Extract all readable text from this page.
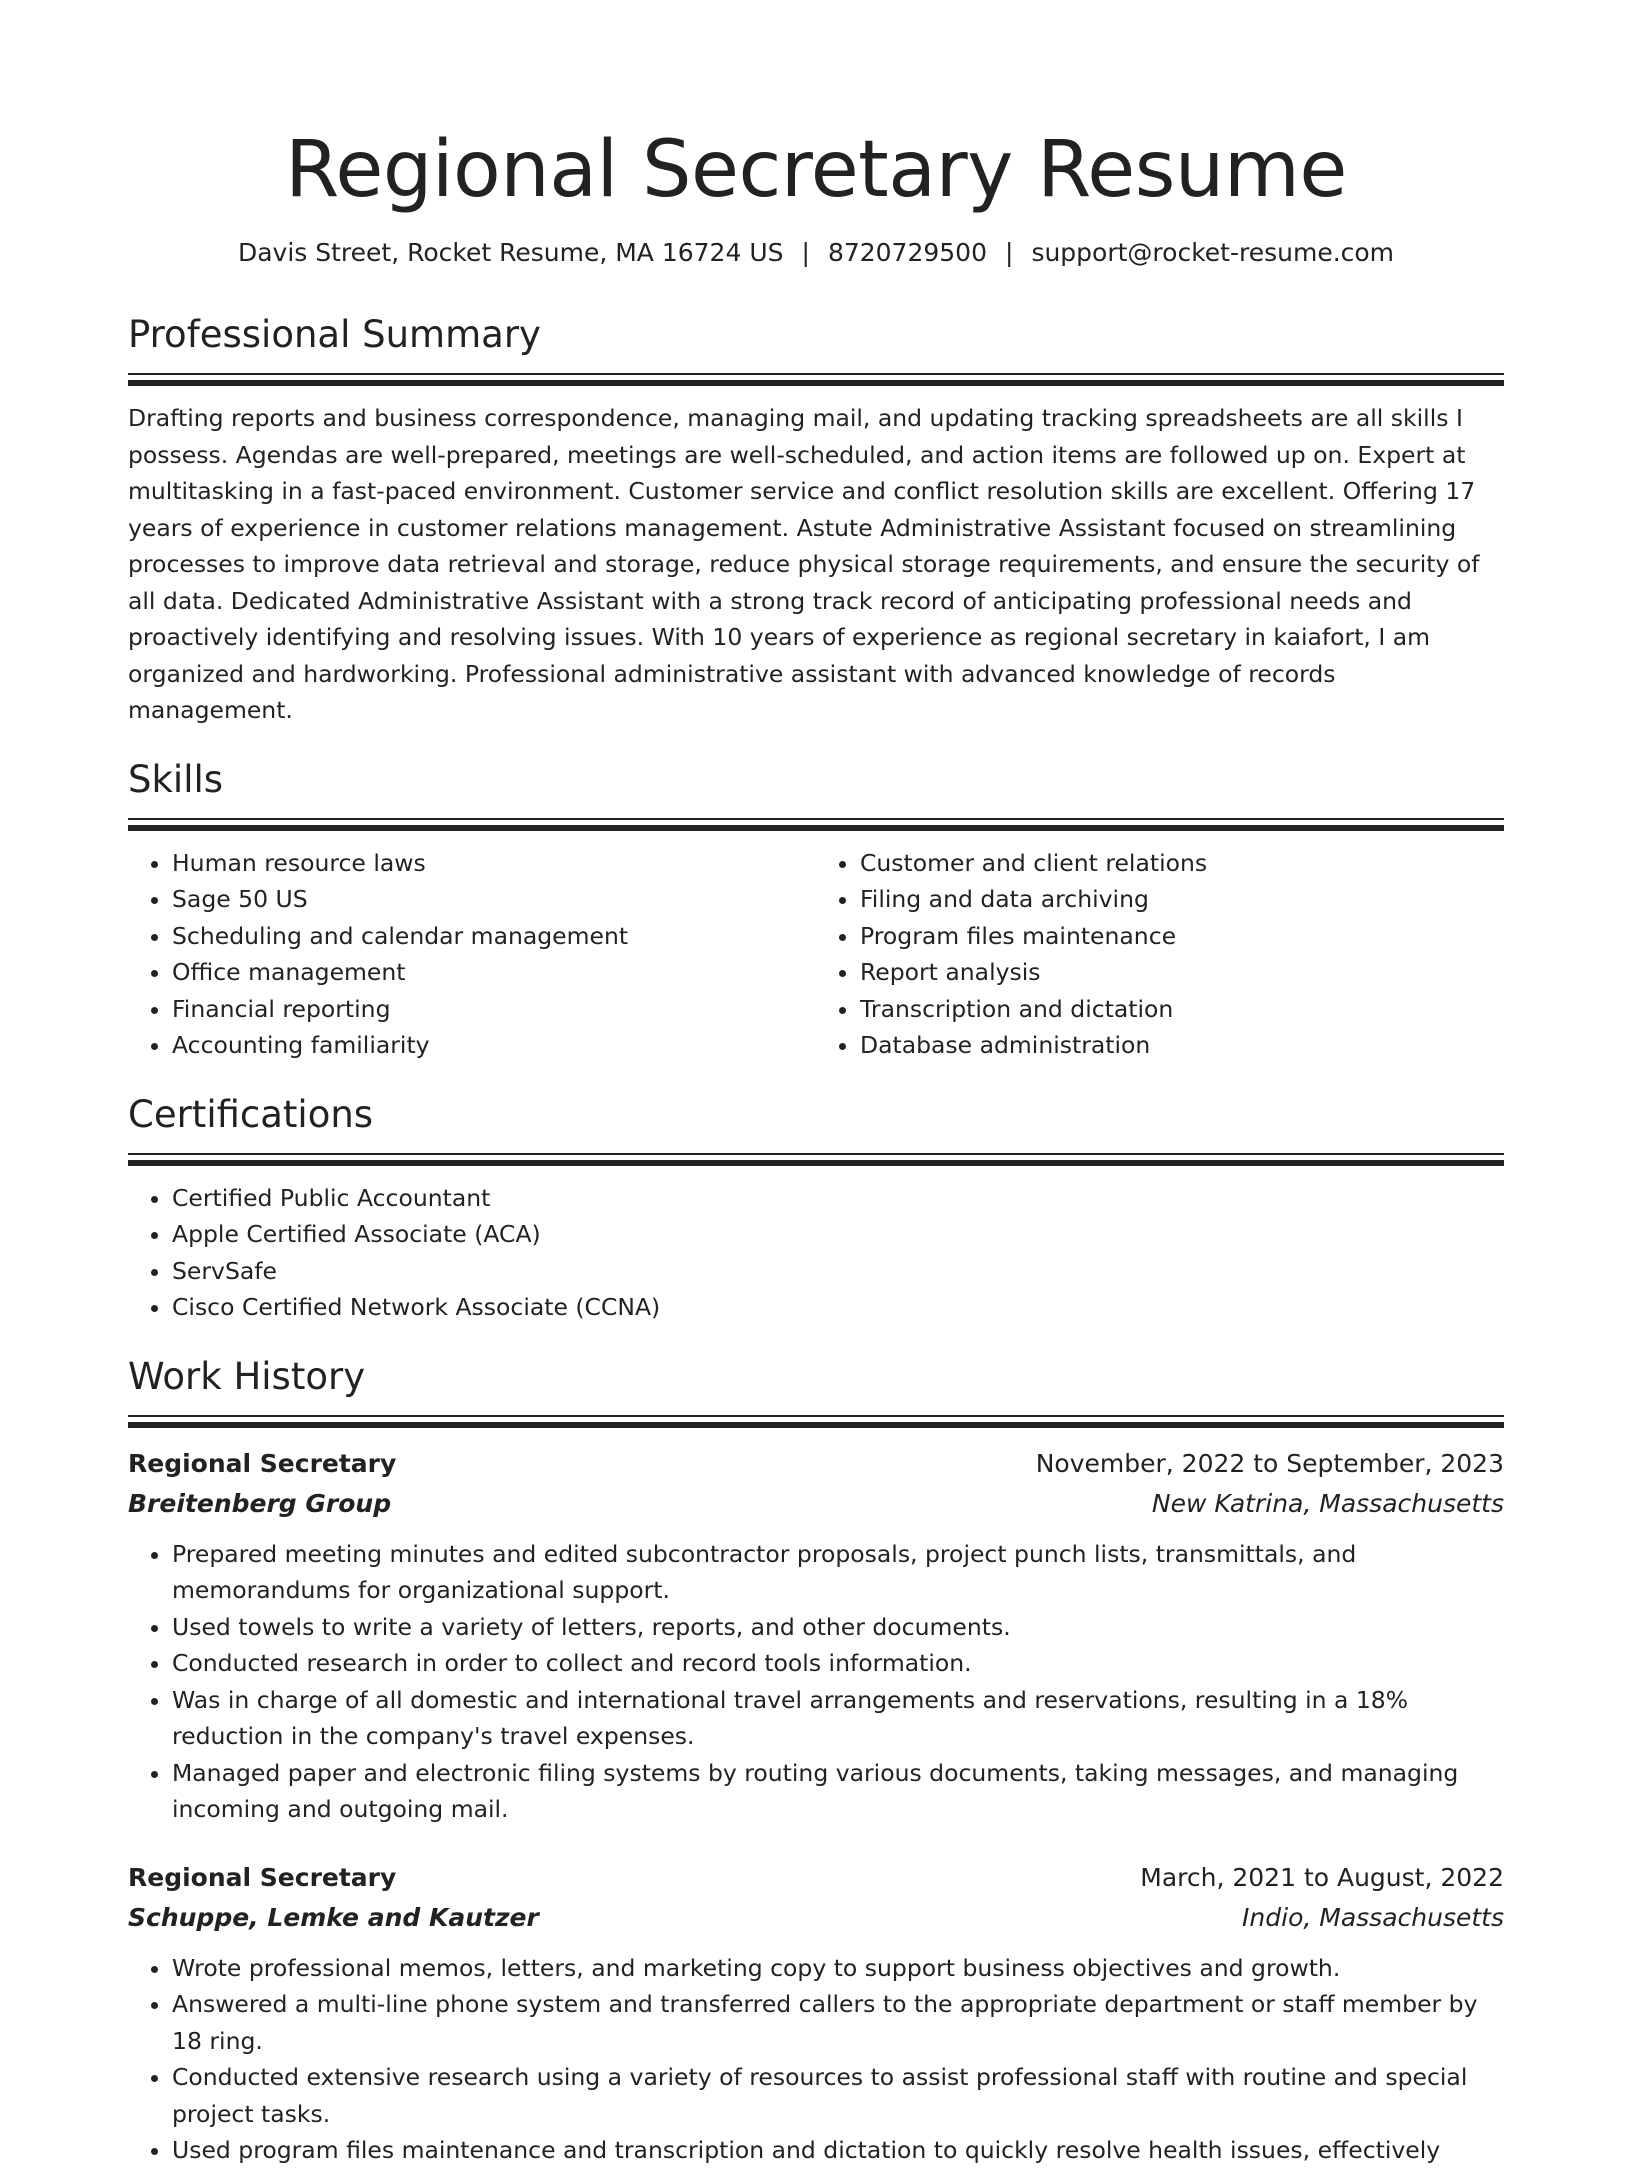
Regional Secretary Resume
Davis Street, Rocket Resume, MA 16724 US | 8720729500 | support@rocket-resume.com
Professional Summary

Drafting reports and business correspondence, managing mail, and updating tracking spreadsheets are all skills I possess. Agendas are well-prepared, meetings are well-scheduled, and action items are followed up on. Expert at multitasking in a fast-paced environment. Customer service and conflict resolution skills are excellent. Offering 17 years of experience in customer relations management. Astute Administrative Assistant focused on streamlining processes to improve data retrieval and storage, reduce physical storage requirements, and ensure the security of all data. Dedicated Administrative Assistant with a strong track record of anticipating professional needs and proactively identifying and resolving issues. With 10 years of experience as regional secretary in kaiafort, I am organized and hardworking. Professional administrative assistant with advanced knowledge of records management.

Skills
• Human resource laws
• Sage 50 US
• Scheduling and calendar management
• Office management
• Financial reporting
• Accounting familiarity
• Customer and client relations
• Filing and data archiving
• Program files maintenance
• Report analysis
• Transcription and dictation
• Database administration
Certifications
• Certified Public Accountant
• Apple Certified Associate (ACA)
• ServSafe
• Cisco Certified Network Associate (CCNA)
Work History
Regional Secretary	November, 2022 to September, 2023
Breitenberg Group	New Katrina, Massachusetts
• Prepared meeting minutes and edited subcontractor proposals, project punch lists, transmittals, and memorandums for organizational support.
• Used towels to write a variety of letters, reports, and other documents.
• Conducted research in order to collect and record tools information.
• Was in charge of all domestic and international travel arrangements and reservations, resulting in a 18% reduction in the company's travel expenses.
• Managed paper and electronic filing systems by routing various documents, taking messages, and managing incoming and outgoing mail.
Regional Secretary	March, 2021 to August, 2022
Schuppe, Lemke and Kautzer	Indio, Massachusetts
• Wrote professional memos, letters, and marketing copy to support business objectives and growth.
• Answered a multi-line phone system and transferred callers to the appropriate department or staff member by 18 ring.
• Conducted extensive research using a variety of resources to assist professional staff with routine and special project tasks.
• Used program files maintenance and transcription and dictation to quickly resolve health issues, effectively
